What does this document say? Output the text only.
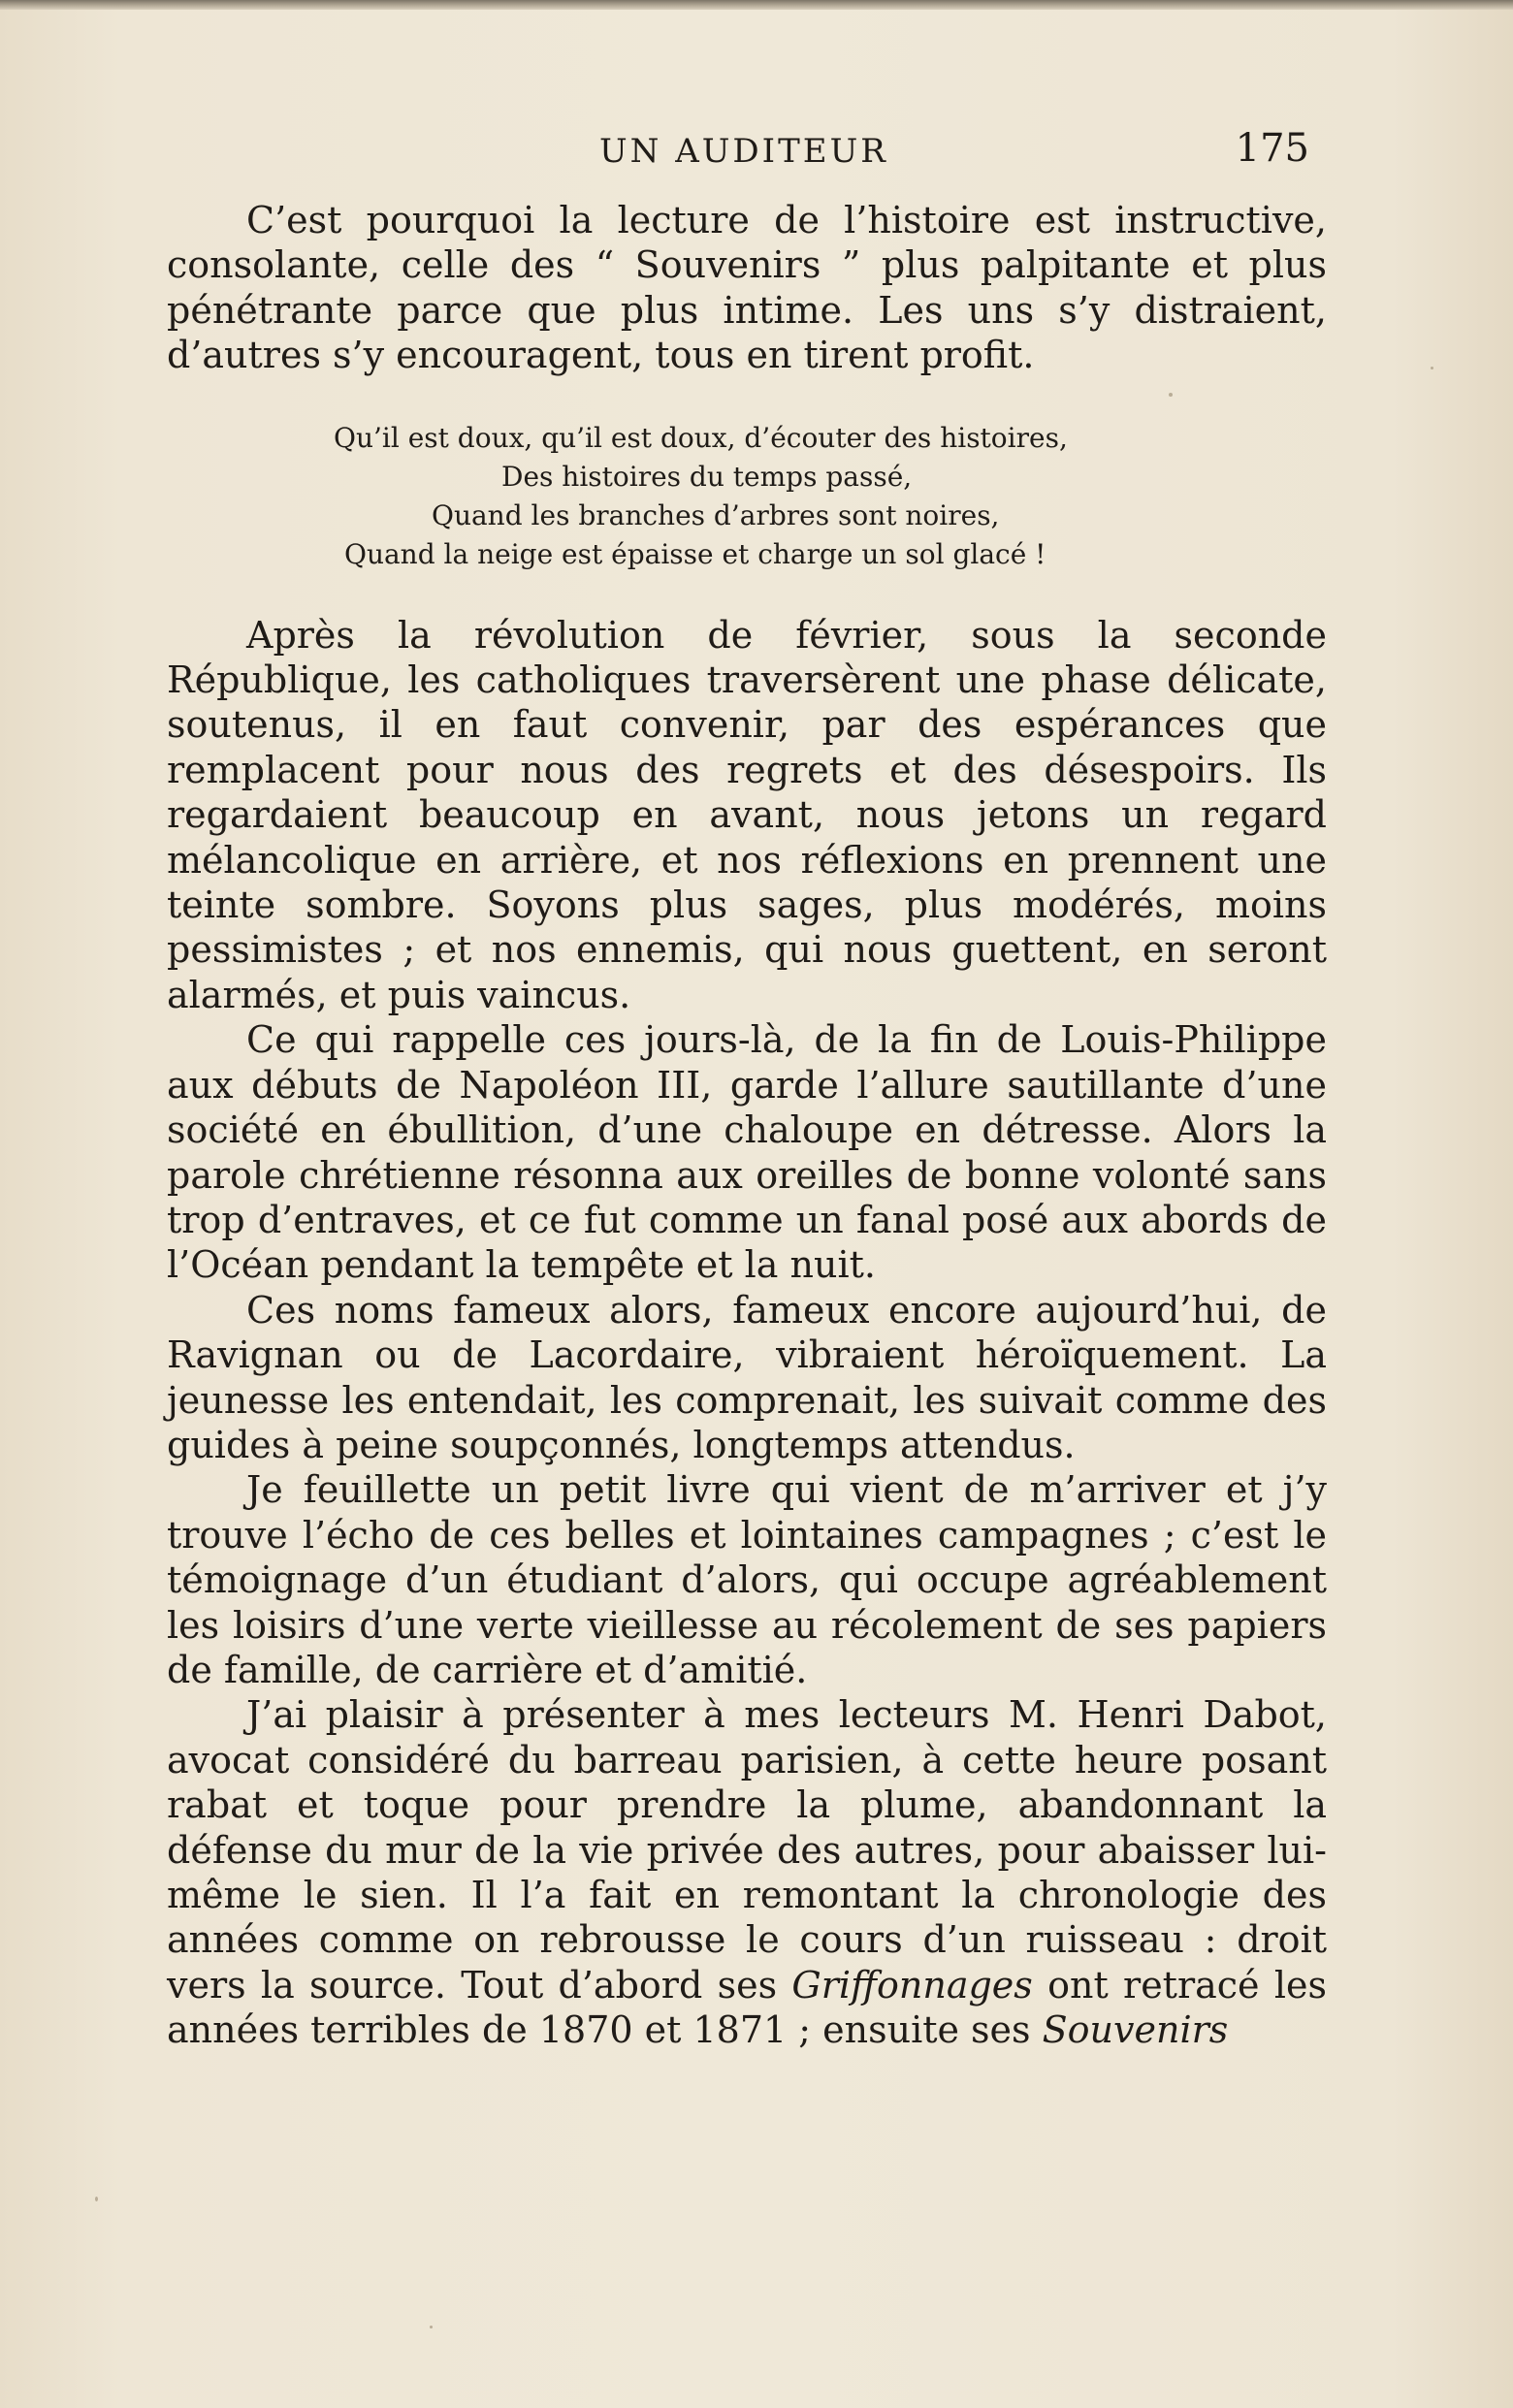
UN AUDITEUR	175

C’est pourquoi la lecture de l’histoire est instructive, consolante, celle des “ Souvenirs ” plus palpitante et plus pénétrante parce que plus intime. Les uns s’y distraient, d’autres s’y encouragent, tous en tirent profit.

Qu’il est doux, qu’il est doux, d’écouter des histoires,
Des histoires du temps passé,
Quand les branches d’arbres sont noires,
Quand la neige est épaisse et charge un sol glacé !

Après la révolution de février, sous la seconde République, les catholiques traversèrent une phase délicate, soutenus, il en faut convenir, par des espérances que remplacent pour nous des regrets et des désespoirs. Ils regardaient beaucoup en avant, nous jetons un regard mélancolique en arrière, et nos réflexions en prennent une teinte sombre. Soyons plus sages, plus modérés, moins pessimistes ; et nos ennemis, qui nous guettent, en seront alarmés, et puis vaincus.

Ce qui rappelle ces jours-là, de la fin de Louis-Philippe aux débuts de Napoléon III, garde l’allure sautillante d’une société en ébullition, d’une chaloupe en détresse. Alors la parole chrétienne résonna aux oreilles de bonne volonté sans trop d’entraves, et ce fut comme un fanal posé aux abords de l’Océan pendant la tempête et la nuit.

Ces noms fameux alors, fameux encore aujourd’hui, de Ravignan ou de Lacordaire, vibraient héroïquement. La jeunesse les entendait, les comprenait, les suivait comme des guides à peine soupçonnés, longtemps attendus.

Je feuillette un petit livre qui vient de m’arriver et j’y trouve l’écho de ces belles et lointaines campagnes ; c’est le témoignage d’un étudiant d’alors, qui occupe agréablement les loisirs d’une verte vieillesse au récolement de ses papiers de famille, de carrière et d’amitié.

J’ai plaisir à présenter à mes lecteurs M. Henri Dabot, avocat considéré du barreau parisien, à cette heure posant rabat et toque pour prendre la plume, abandonnant la défense du mur de la vie privée des autres, pour abaisser lui-même le sien. Il l’a fait en remontant la chronologie des années comme on rebrousse le cours d’un ruisseau : droit vers la source. Tout d’abord ses Griffonnages ont retracé les années terribles de 1870 et 1871 ; ensuite ses Souvenirs
